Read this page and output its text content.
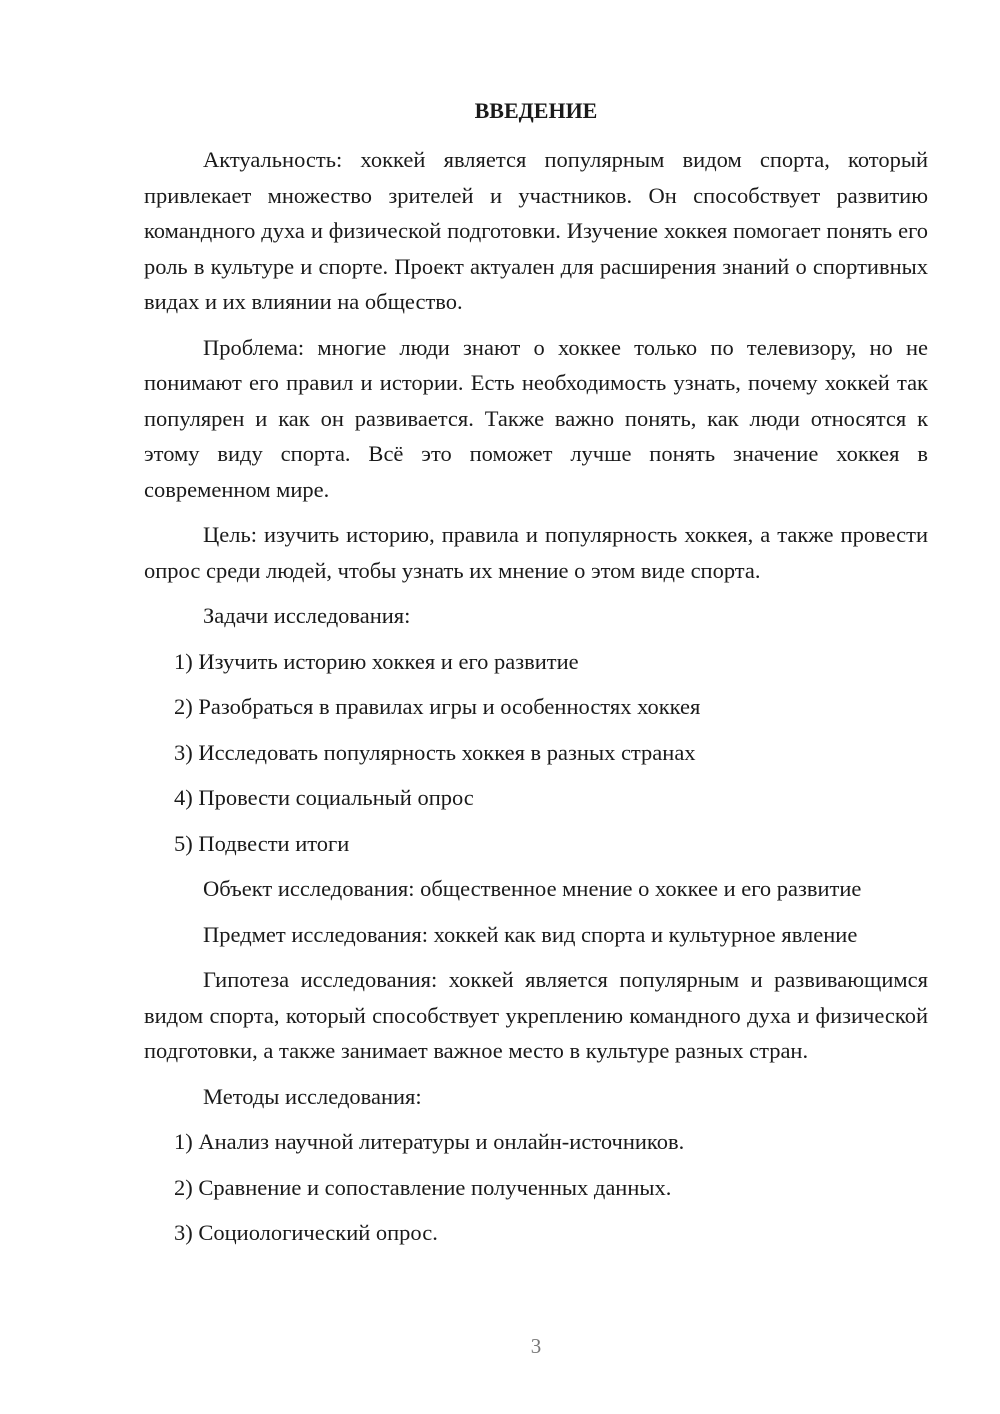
ВВЕДЕНИЕ

Актуальность: хоккей является популярным видом спорта, который привлекает множество зрителей и участников. Он способствует развитию командного духа и физической подготовки. Изучение хоккея помогает понять его роль в культуре и спорте. Проект актуален для расширения знаний о спортивных видах и их влиянии на общество.

Проблема: многие люди знают о хоккее только по телевизору, но не понимают его правил и истории. Есть необходимость узнать, почему хоккей так популярен и как он развивается. Также важно понять, как люди относятся к этому виду спорта. Всё это поможет лучше понять значение хоккея в современном мире.

Цель: изучить историю, правила и популярность хоккея, а также провести опрос среди людей, чтобы узнать их мнение о этом виде спорта.

Задачи исследования:
1) Изучить историю хоккея и его развитие
2) Разобраться в правилах игры и особенностях хоккея
3) Исследовать популярность хоккея в разных странах
4) Провести социальный опрос
5) Подвести итоги
Объект исследования: общественное мнение о хоккее и его развитие
Предмет исследования: хоккей как вид спорта и культурное явление

Гипотеза исследования: хоккей является популярным и развивающимся видом спорта, который способствует укреплению командного духа и физической подготовки, а также занимает важное место в культуре разных стран.

Методы исследования:
1) Анализ научной литературы и онлайн-источников.
2) Сравнение и сопоставление полученных данных.
3) Социологический опрос.
3
